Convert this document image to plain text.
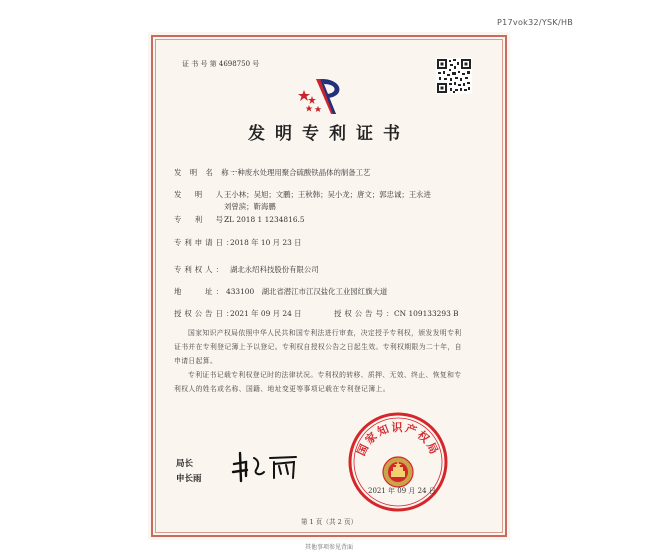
P17vok32/YSK/HB
证 书 号 第 4698750 号
发明专利证书
发 明 名 称：
一种废水处理用聚合硫酸铁晶体的制备工艺
发　明　人：
王小林；吴旭；文鹏；王秋韩；吴小龙；唐文；郭忠诚；王永进
刘曾滨；靳海鹏
专　利　号：
ZL 2018 1 1234816.5
专利申请日：
2018 年 10 月 23 日
专利权人： 湖北永绍科技股份有限公司
地　　址： 433100　湖北省潜江市江汉盐化工业园红旗大道
授权公告日：
2021 年 09 月 24 日	授权公告号：
CN 109133293 B
国家知识产权局依照中华人民共和国专利法进行审查，决定授予专利权，颁发发明专利
证书并在专利登记簿上予以登记。专利权自授权公告之日起生效。专利权期限为二十年，自
申请日起算。
专利证书记载专利权登记时的法律状况。专利权的转移、质押、无效、终止、恢复和专
利权人的姓名或名称、国籍、地址变更等事项记载在专利登记簿上。
局长
申长雨
国家知识产权局
2021 年 09 月 24 日
第 1 页（共 2 页）
其他事项参见背面
